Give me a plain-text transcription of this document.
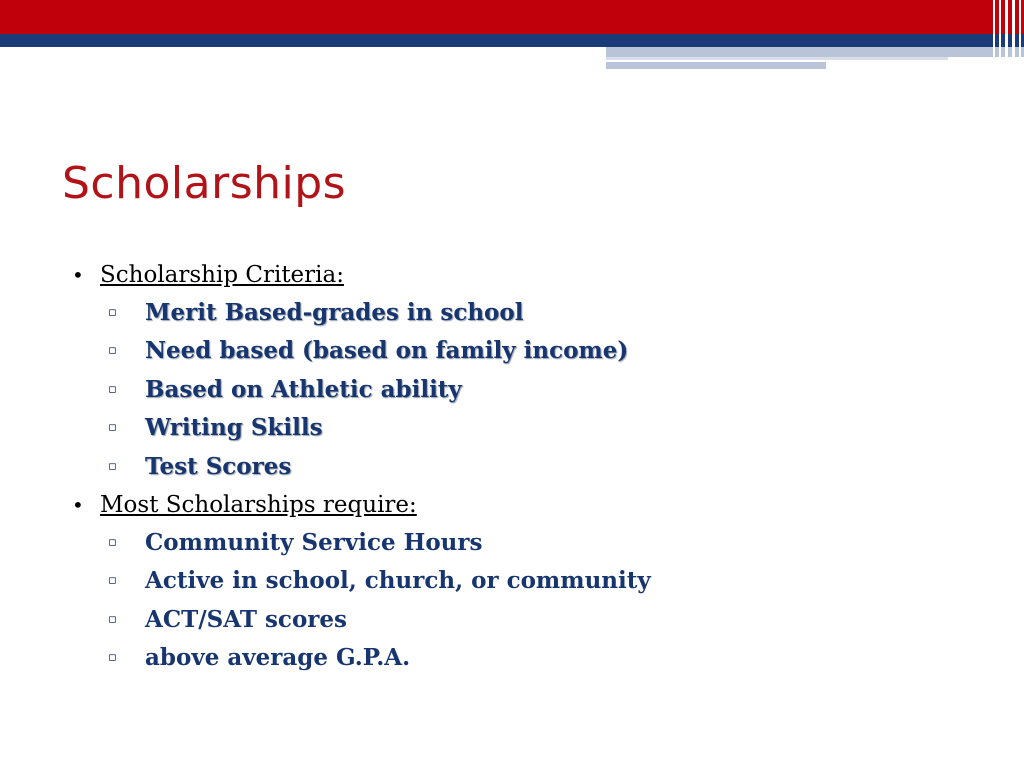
Scholarships
• Scholarship Criteria:
▫ Merit Based-grades in school
▫ Need based (based on family income)
▫ Based on Athletic ability
▫ Writing Skills
▫ Test Scores
• Most Scholarships require:
▫ Community Service Hours
▫ Active in school, church, or community
▫ ACT/SAT scores
▫ above average G.P.A.
